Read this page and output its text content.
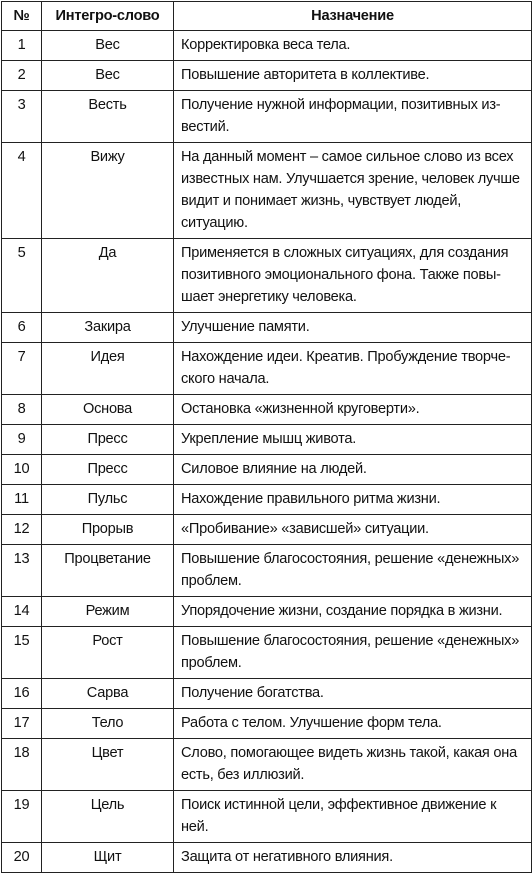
№	Интегро-слово	Назначение
1	Вес	Корректировка веса тела.
2	Вес	Повышение авторитета в коллективе.
3	Весть	Получение нужной информации, позитивных из-вестий.
4	Вижу	На данный момент – самое сильное слово из всех известных нам. Улучшается зрение, человек лучше видит и понимает жизнь, чувствует людей, ситуацию.
5	Да	Применяется в сложных ситуациях, для создания позитивного эмоционального фона. Также повы-шает энергетику человека.
6	Закира	Улучшение памяти.
7	Идея	Нахождение идеи. Креатив. Пробуждение творче-ского начала.
8	Основа	Остановка «жизненной круговерти».
9	Пресс	Укрепление мышц живота.
10	Пресс	Силовое влияние на людей.
11	Пульс	Нахождение правильного ритма жизни.
12	Прорыв	«Пробивание» «зависшей» ситуации.
13	Процветание	Повышение благосостояния, решение «денежных» проблем.
14	Режим	Упорядочение жизни, создание порядка в жизни.
15	Рост	Повышение благосостояния, решение «денежных» проблем.
16	Сарва	Получение богатства.
17	Тело	Работа с телом. Улучшение форм тела.
18	Цвет	Слово, помогающее видеть жизнь такой, какая она есть, без иллюзий.
19	Цель	Поиск истинной цели, эффективное движение к ней.
20	Щит	Защита от негативного влияния.
